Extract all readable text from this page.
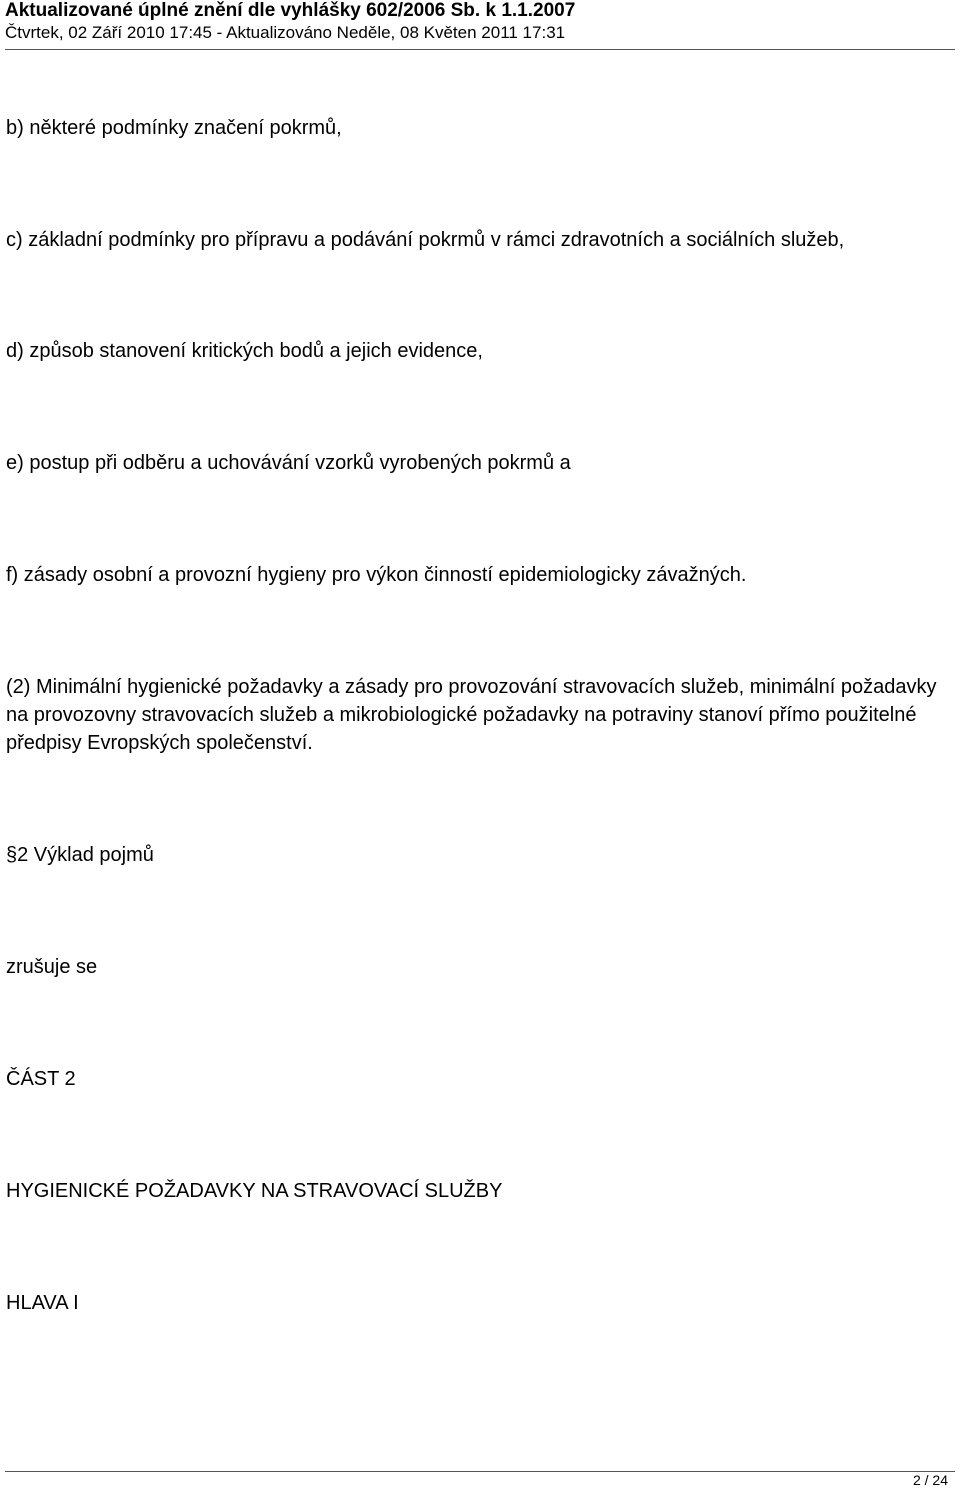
Aktualizované úplné znění dle vyhlášky 602/2006 Sb. k 1.1.2007
Čtvrtek, 02 Září 2010 17:45 - Aktualizováno Neděle, 08 Květen 2011 17:31
b) některé podmínky značení pokrmů,
c) základní podmínky pro přípravu a podávání pokrmů v rámci zdravotních a sociálních služeb,
d) způsob stanovení kritických bodů a jejich evidence,
e) postup při odběru a uchovávání vzorků vyrobených pokrmů a
f) zásady osobní a provozní hygieny pro výkon činností epidemiologicky závažných.

(2) Minimální hygienické požadavky a zásady pro provozování stravovacích služeb, minimální požadavky na provozovny stravovacích služeb a mikrobiologické požadavky na potraviny stanoví přímo použitelné předpisy Evropských společenství.

§2 Výklad pojmů
zrušuje se
ČÁST 2
HYGIENICKÉ POŽADAVKY NA STRAVOVACÍ SLUŽBY
HLAVA I
2 / 24
